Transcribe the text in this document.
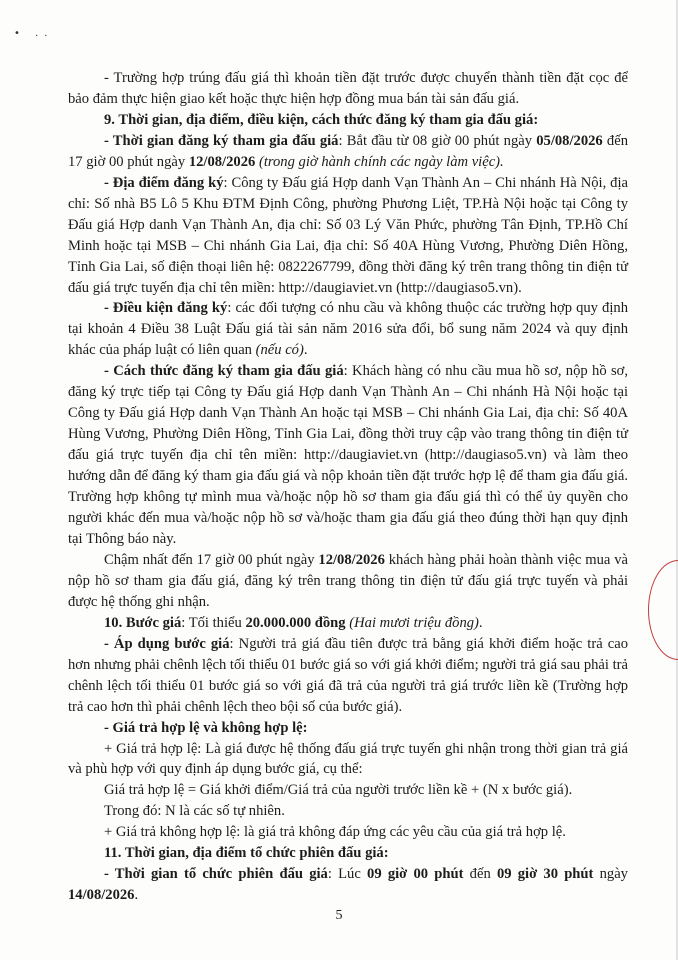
• ..

- Trường hợp trúng đấu giá thì khoản tiền đặt trước được chuyển thành tiền đặt cọc để bảo đảm thực hiện giao kết hoặc thực hiện hợp đồng mua bán tài sản đấu giá.

9. Thời gian, địa điểm, điều kiện, cách thức đăng ký tham gia đấu giá:

- Thời gian đăng ký tham gia đấu giá: Bắt đầu từ 08 giờ 00 phút ngày 05/08/2026 đến 17 giờ 00 phút ngày 12/08/2026 (trong giờ hành chính các ngày làm việc).

- Địa điểm đăng ký: Công ty Đấu giá Hợp danh Vạn Thành An – Chi nhánh Hà Nội, địa chỉ: Số nhà B5 Lô 5 Khu ĐTM Định Công, phường Phương Liệt, TP.Hà Nội hoặc tại Công ty Đấu giá Hợp danh Vạn Thành An, địa chỉ: Số 03 Lý Văn Phức, phường Tân Định, TP.Hồ Chí Minh hoặc tại MSB – Chi nhánh Gia Lai, địa chỉ: Số 40A Hùng Vương, Phường Diên Hồng, Tỉnh Gia Lai, số điện thoại liên hệ: 0822267799, đồng thời đăng ký trên trang thông tin điện tử đấu giá trực tuyến địa chỉ tên miền: http://daugiaviet.vn (http://daugiaso5.vn).

- Điều kiện đăng ký: các đối tượng có nhu cầu và không thuộc các trường hợp quy định tại khoản 4 Điều 38 Luật Đấu giá tài sản năm 2016 sửa đổi, bổ sung năm 2024 và quy định khác của pháp luật có liên quan (nếu có).

- Cách thức đăng ký tham gia đấu giá: Khách hàng có nhu cầu mua hồ sơ, nộp hồ sơ, đăng ký trực tiếp tại Công ty Đấu giá Hợp danh Vạn Thành An – Chi nhánh Hà Nội hoặc tại Công ty Đấu giá Hợp danh Vạn Thành An hoặc tại MSB – Chi nhánh Gia Lai, địa chỉ: Số 40A Hùng Vương, Phường Diên Hồng, Tỉnh Gia Lai, đồng thời truy cập vào trang thông tin điện tử đấu giá trực tuyến địa chỉ tên miền: http://daugiaviet.vn (http://daugiaso5.vn) và làm theo hướng dẫn để đăng ký tham gia đấu giá và nộp khoản tiền đặt trước hợp lệ để tham gia đấu giá. Trường hợp không tự mình mua và/hoặc nộp hồ sơ tham gia đấu giá thì có thể ủy quyền cho người khác đến mua và/hoặc nộp hồ sơ và/hoặc tham gia đấu giá theo đúng thời hạn quy định tại Thông báo này.

Chậm nhất đến 17 giờ 00 phút ngày 12/08/2026 khách hàng phải hoàn thành việc mua và nộp hồ sơ tham gia đấu giá, đăng ký trên trang thông tin điện tử đấu giá trực tuyến và phải được hệ thống ghi nhận.

10. Bước giá: Tối thiểu 20.000.000 đồng (Hai mươi triệu đồng).

- Áp dụng bước giá: Người trả giá đầu tiên được trả bằng giá khởi điểm hoặc trả cao hơn nhưng phải chênh lệch tối thiểu 01 bước giá so với giá khởi điểm; người trả giá sau phải trả chênh lệch tối thiểu 01 bước giá so với giá đã trả của người trả giá trước liền kề (Trường hợp trả cao hơn thì phải chênh lệch theo bội số của bước giá).

- Giá trả hợp lệ và không hợp lệ:

+ Giá trả hợp lệ: Là giá được hệ thống đấu giá trực tuyến ghi nhận trong thời gian trả giá và phù hợp với quy định áp dụng bước giá, cụ thể:

Giá trả hợp lệ = Giá khởi điểm/Giá trả của người trước liền kề + (N x bước giá).

Trong đó: N là các số tự nhiên.

+ Giá trả không hợp lệ: là giá trả không đáp ứng các yêu cầu của giá trả hợp lệ.

11. Thời gian, địa điểm tổ chức phiên đấu giá:

- Thời gian tổ chức phiên đấu giá: Lúc 09 giờ 00 phút đến 09 giờ 30 phút ngày 14/08/2026.

5
